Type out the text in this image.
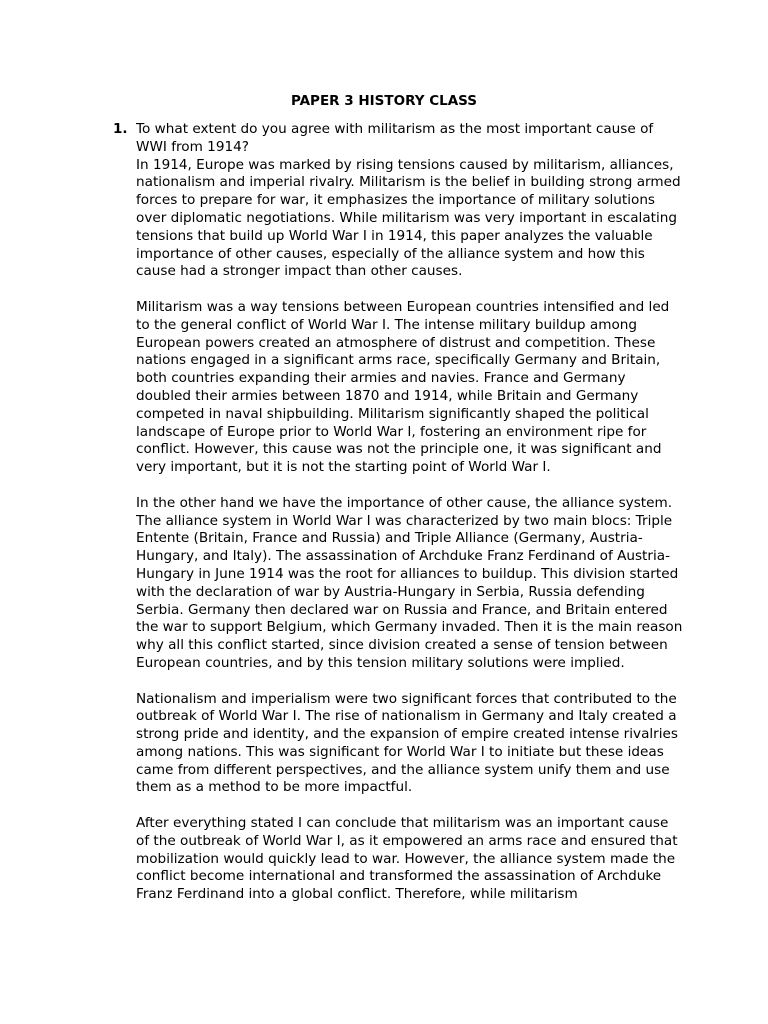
PAPER 3 HISTORY CLASS
1. To what extent do you agree with militarism as the most important cause of WWI from 1914?

In 1914, Europe was marked by rising tensions caused by militarism, alliances, nationalism and imperial rivalry. Militarism is the belief in building strong armed forces to prepare for war, it emphasizes the importance of military solutions over diplomatic negotiations. While militarism was very important in escalating tensions that build up World War I in 1914, this paper analyzes the valuable importance of other causes, especially of the alliance system and how this cause had a stronger impact than other causes.

Militarism was a way tensions between European countries intensified and led to the general conflict of World War I. The intense military buildup among European powers created an atmosphere of distrust and competition. These nations engaged in a significant arms race, specifically Germany and Britain, both countries expanding their armies and navies. France and Germany doubled their armies between 1870 and 1914, while Britain and Germany competed in naval shipbuilding. Militarism significantly shaped the political landscape of Europe prior to World War I, fostering an environment ripe for conflict. However, this cause was not the principle one, it was significant and very important, but it is not the starting point of World War I.

In the other hand we have the importance of other cause, the alliance system. The alliance system in World War I was characterized by two main blocs: Triple Entente (Britain, France and Russia) and Triple Alliance (Germany, Austria-Hungary, and Italy). The assassination of Archduke Franz Ferdinand of Austria-Hungary in June 1914 was the root for alliances to buildup. This division started with the declaration of war by Austria-Hungary in Serbia, Russia defending Serbia. Germany then declared war on Russia and France, and Britain entered the war to support Belgium, which Germany invaded. Then it is the main reason why all this conflict started, since division created a sense of tension between European countries, and by this tension military solutions were implied.

Nationalism and imperialism were two significant forces that contributed to the outbreak of World War I. The rise of nationalism in Germany and Italy created a strong pride and identity, and the expansion of empire created intense rivalries among nations. This was significant for World War I to initiate but these ideas came from different perspectives, and the alliance system unify them and use them as a method to be more impactful.

After everything stated I can conclude that militarism was an important cause of the outbreak of World War I, as it empowered an arms race and ensured that mobilization would quickly lead to war. However, the alliance system made the conflict become international and transformed the assassination of Archduke Franz Ferdinand into a global conflict. Therefore, while militarism
